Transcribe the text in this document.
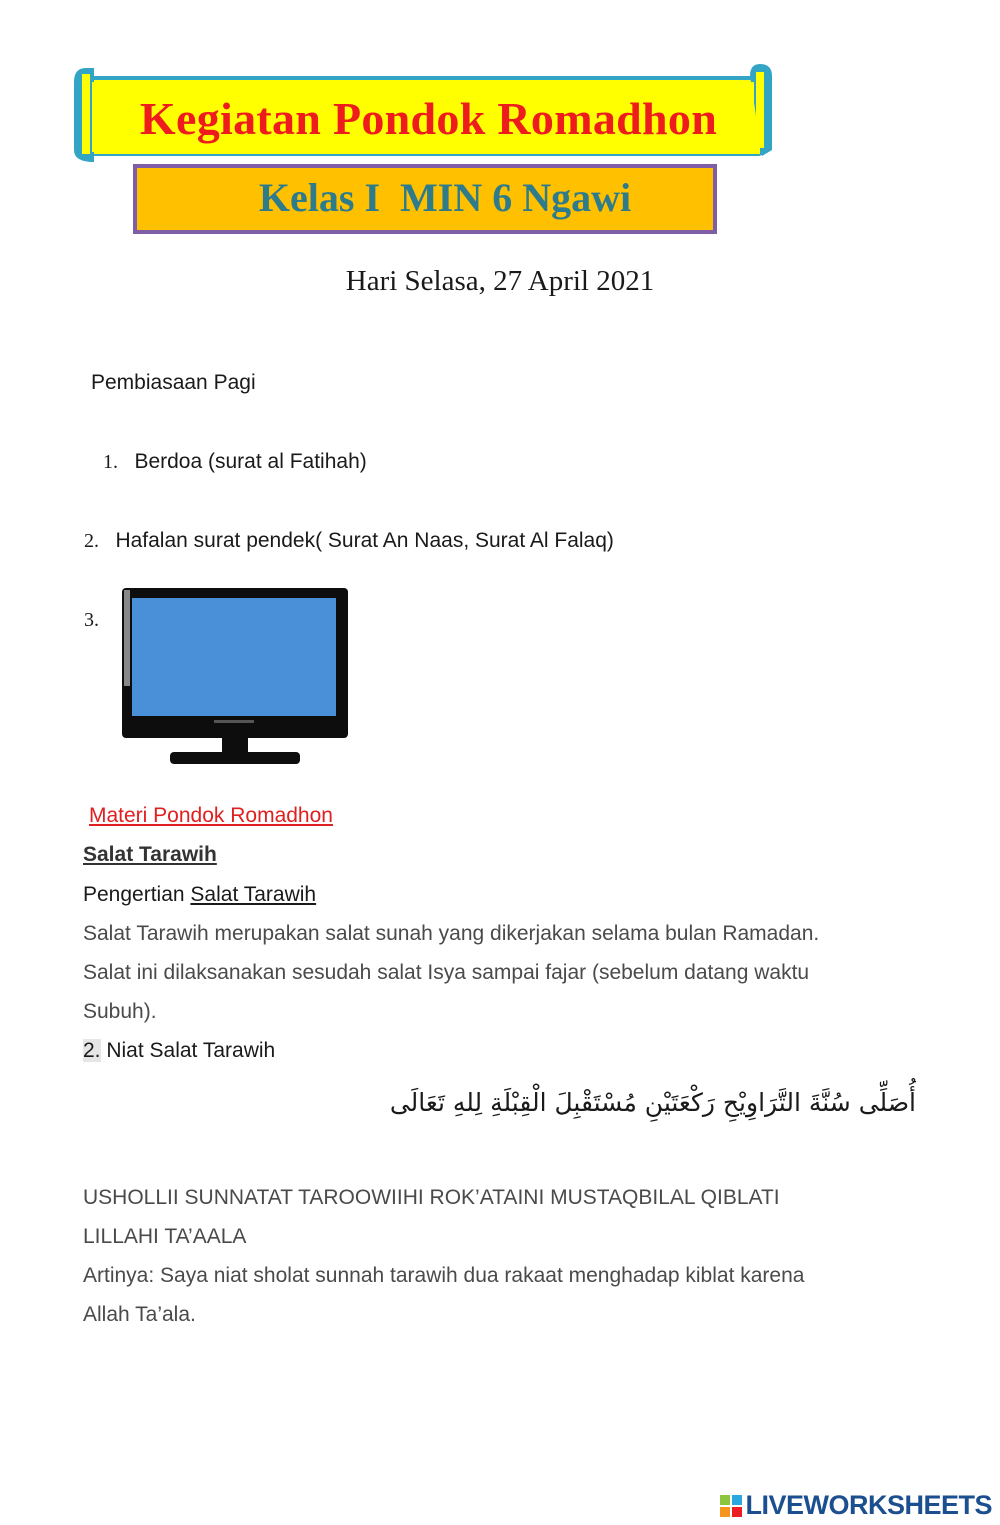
Kegiatan Pondok Romadhon
Kelas I  MIN 6 Ngawi
Hari Selasa, 27 April 2021
Pembiasaan Pagi
1. Berdoa (surat al Fatihah)
2. Hafalan surat pendek( Surat An Naas, Surat Al Falaq)
3.
Materi Pondok Romadhon
Salat Tarawih
Pengertian Salat Tarawih
Salat Tarawih merupakan salat sunah yang dikerjakan selama bulan Ramadan.
Salat ini dilaksanakan sesudah salat Isya sampai fajar (sebelum datang waktu
Subuh).
2. Niat Salat Tarawih
أُصَلِّى سُنَّةَ التَّرَاوِيْحِ رَكْعَتَيْنِ مُسْتَقْبِلَ الْقِبْلَةِ لِلهِ تَعَالَى
USHOLLII SUNNATAT TAROOWIIHI ROK’ATAINI MUSTAQBILAL QIBLATI
LILLAHI TA’AALA
Artinya: Saya niat sholat sunnah tarawih dua rakaat menghadap kiblat karena
Allah Ta’ala.
LIVEWORKSHEETS
